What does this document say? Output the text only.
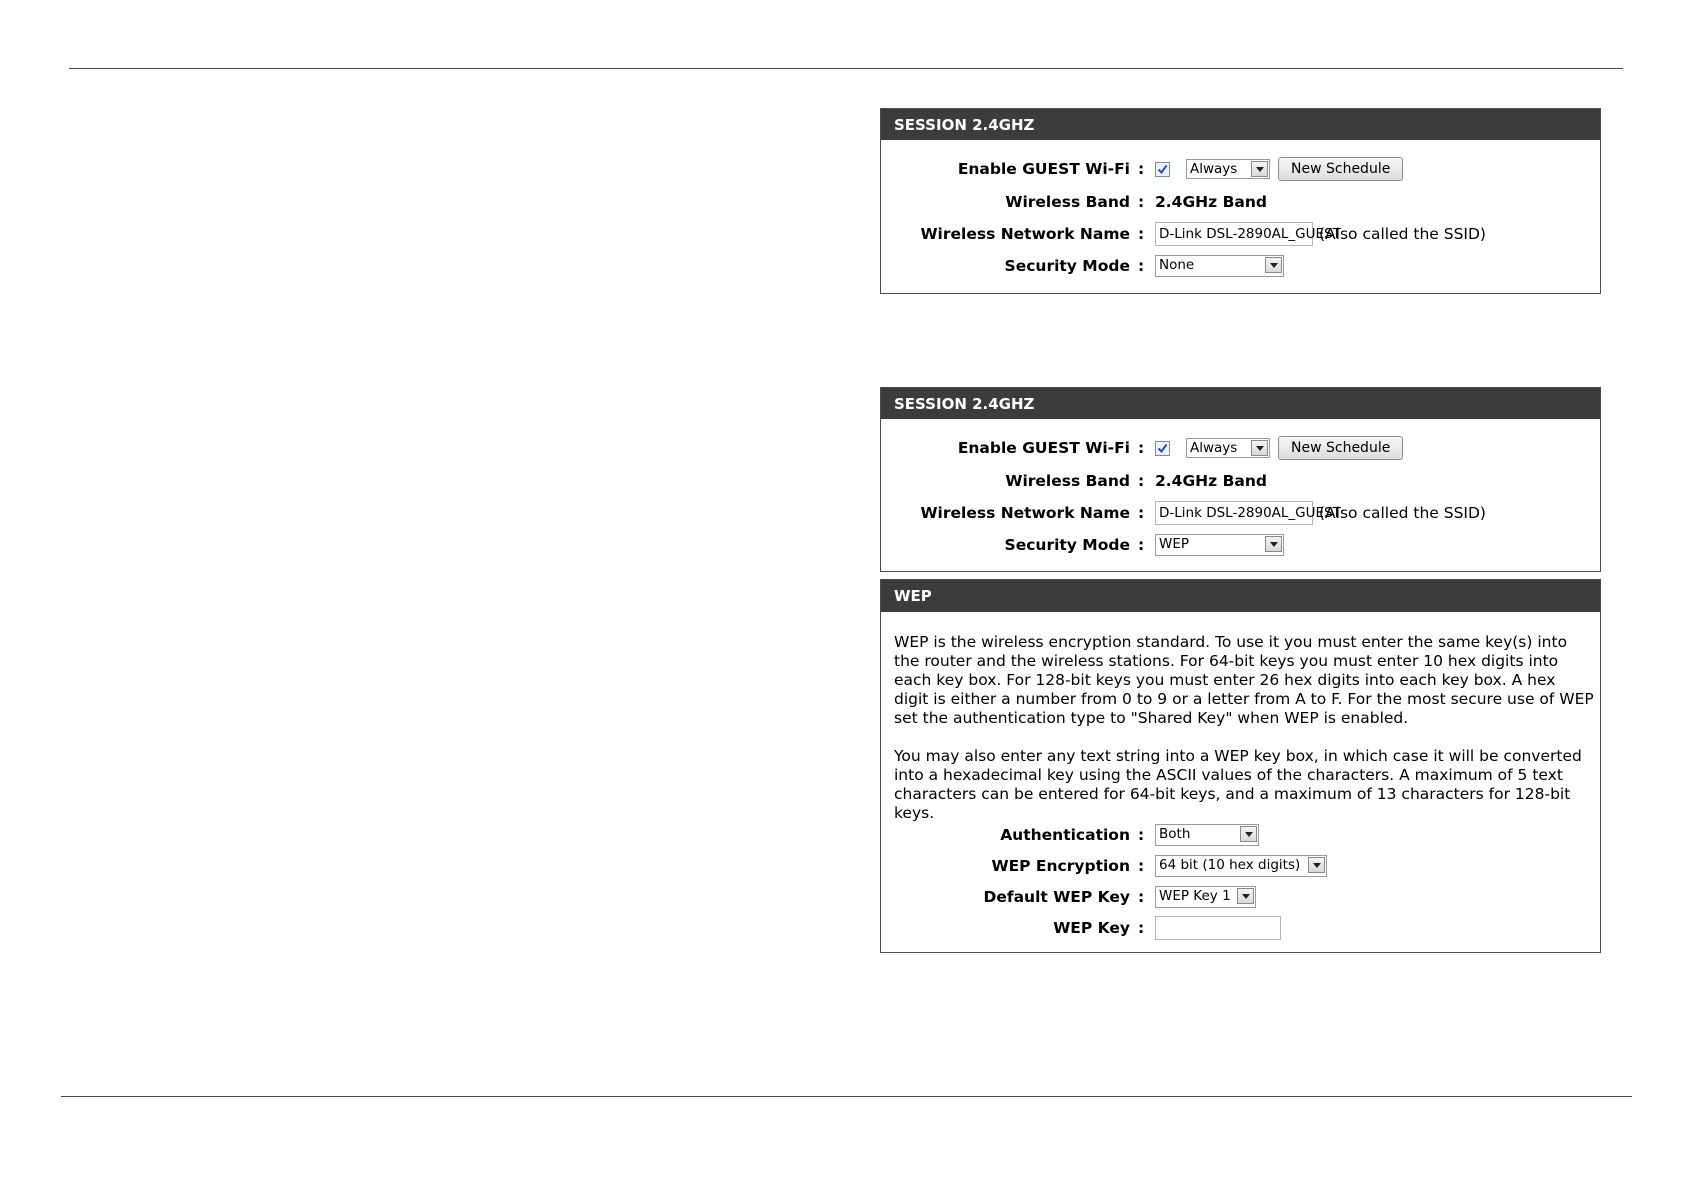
SESSION 2.4GHZ
Enable GUEST Wi-Fi :	Always	New Schedule
Wireless Band : 2.4GHz Band
Wireless Network Name : D-Link DSL-2890AL_GUEST
(Also called the SSID)
Security Mode : None
SESSION 2.4GHZ
Enable GUEST Wi-Fi :	Always	New Schedule
Wireless Band : 2.4GHz Band
Wireless Network Name : D-Link DSL-2890AL_GUEST
(Also called the SSID)
Security Mode : WEP
WEP
WEP is the wireless encryption standard. To use it you must enter the same key(s) into the router and the wireless stations. For 64-bit keys you must enter 10 hex digits into each key box. For 128-bit keys you must enter 26 hex digits into each key box. A hex digit is either a number from 0 to 9 or a letter from A to F. For the most secure use of WEP set the authentication type to "Shared Key" when WEP is enabled.
You may also enter any text string into a WEP key box, in which case it will be converted into a hexadecimal key using the ASCII values of the characters. A maximum of 5 text characters can be entered for 64-bit keys, and a maximum of 13 characters for 128-bit keys.
Authentication : Both
WEP Encryption : 64 bit (10 hex digits)
Default WEP Key : WEP Key 1
WEP Key :
